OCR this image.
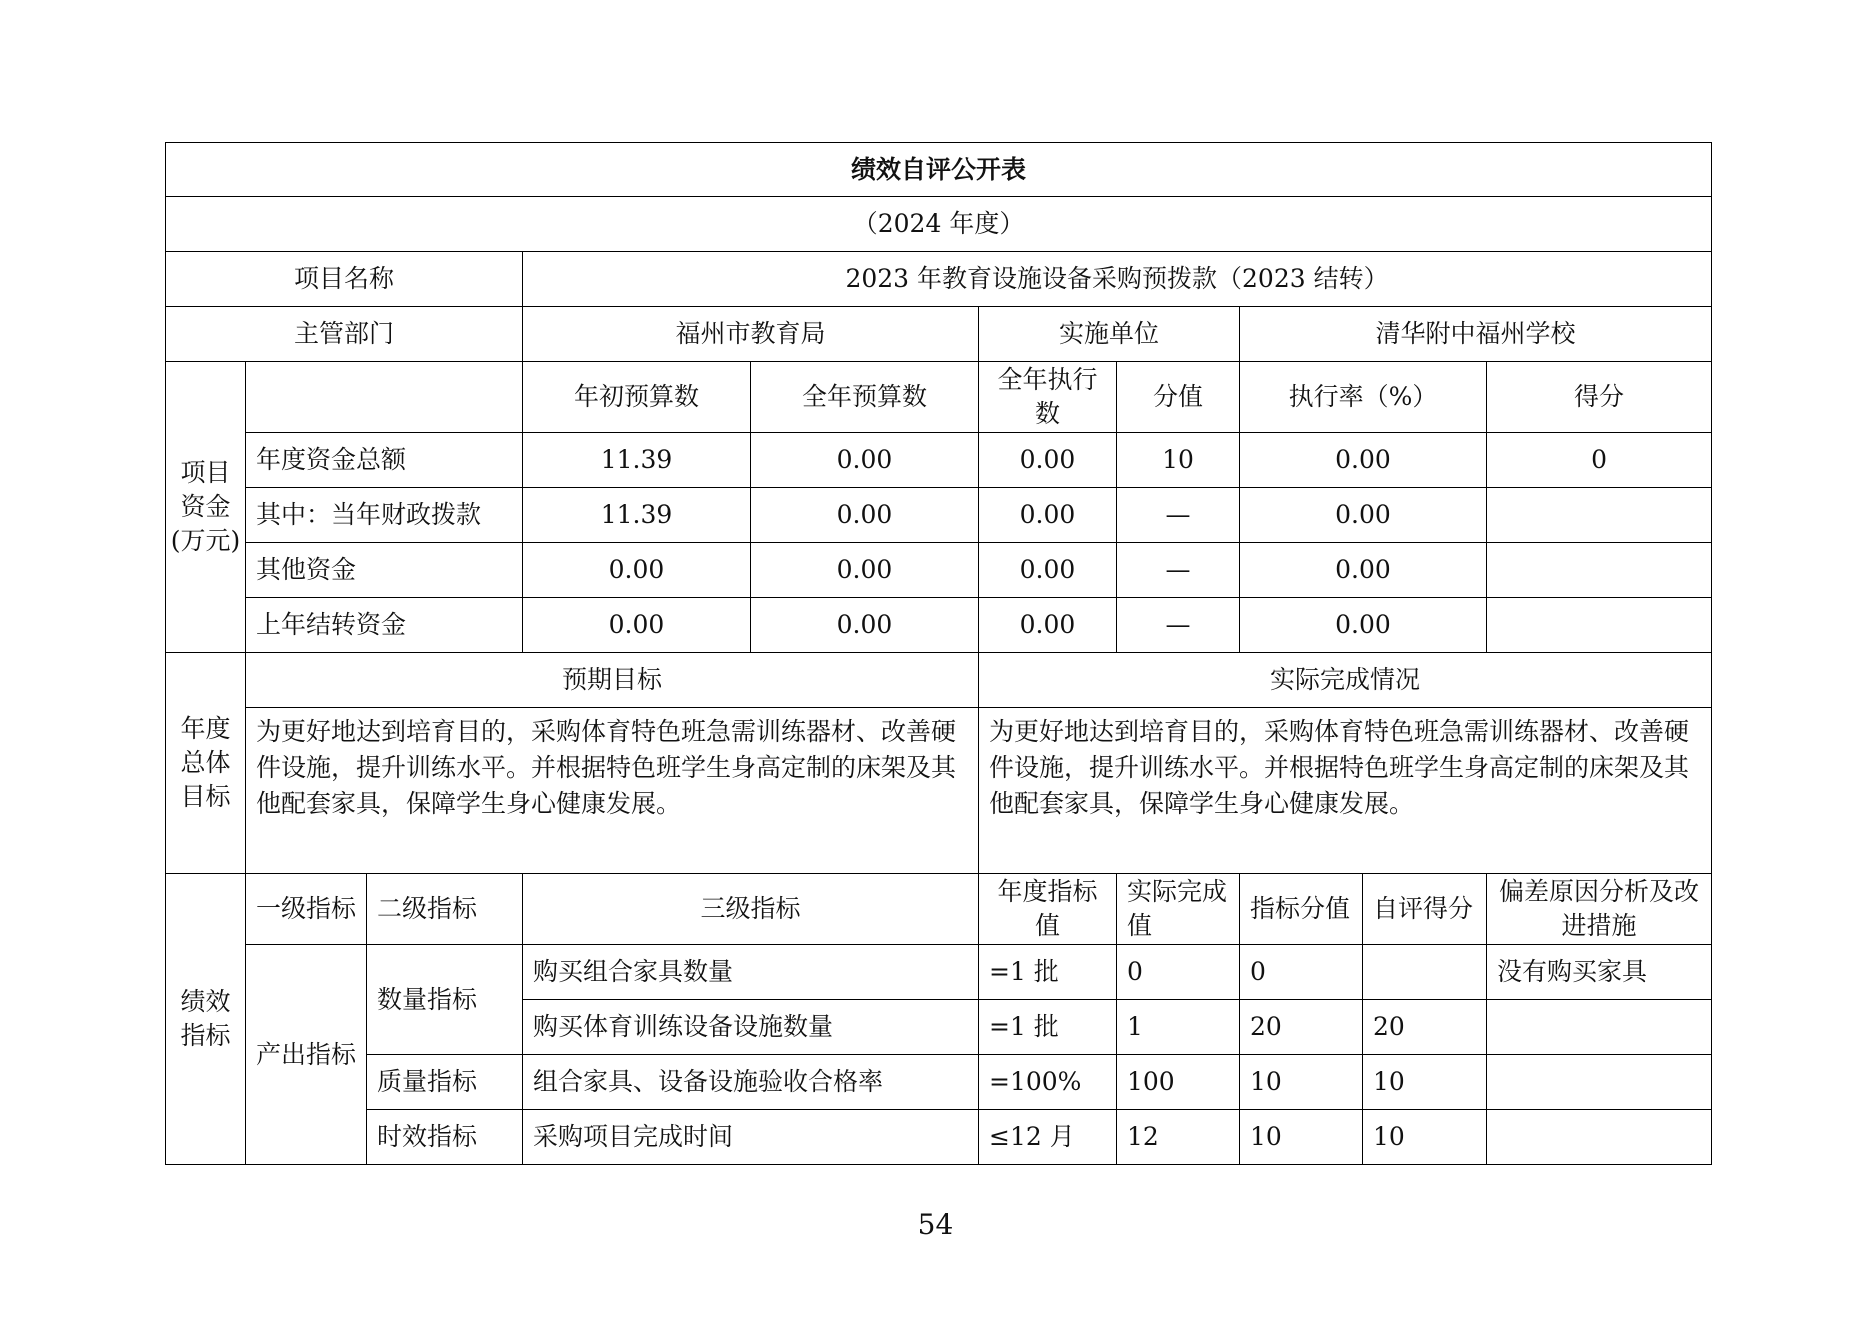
绩效自评公开表									
（2024 年度）									
项目名称			2023 年教育设施设备采购预拨款（2023 结转）						
主管部门			福州市教育局		实施单位		清华附中福州学校		
项目资金(万元)			年初预算数	全年预算数	全年执行数	分值	执行率（%）		得分
	年度资金总额		11.39	0.00	0.00	10	0.00		0
	其中：当年财政拨款		11.39	0.00	0.00	—	0.00		
	其他资金		0.00	0.00	0.00	—	0.00		
	上年结转资金		0.00	0.00	0.00	—	0.00		
年度总体目标	预期目标				实际完成情况				
	为更好地达到培育目的，采购体育特色班急需训练器材、改善硬件设施，提升训练水平。并根据特色班学生身高定制的床架及其他配套家具，保障学生身心健康发展。				为更好地达到培育目的，采购体育特色班急需训练器材、改善硬件设施，提升训练水平。并根据特色班学生身高定制的床架及其他配套家具，保障学生身心健康发展。				
绩效指标	一级指标	二级指标	三级指标		年度指标值	实际完成值	指标分值	自评得分	偏差原因分析及改进措施
	产出指标	数量指标	购买组合家具数量		=1 批	0	0		没有购买家具
			购买体育训练设备设施数量		=1 批	1	20	20	
		质量指标	组合家具、设备设施验收合格率		=100%	100	10	10	
		时效指标	采购项目完成时间		≤12 月	12	10	10	
54
